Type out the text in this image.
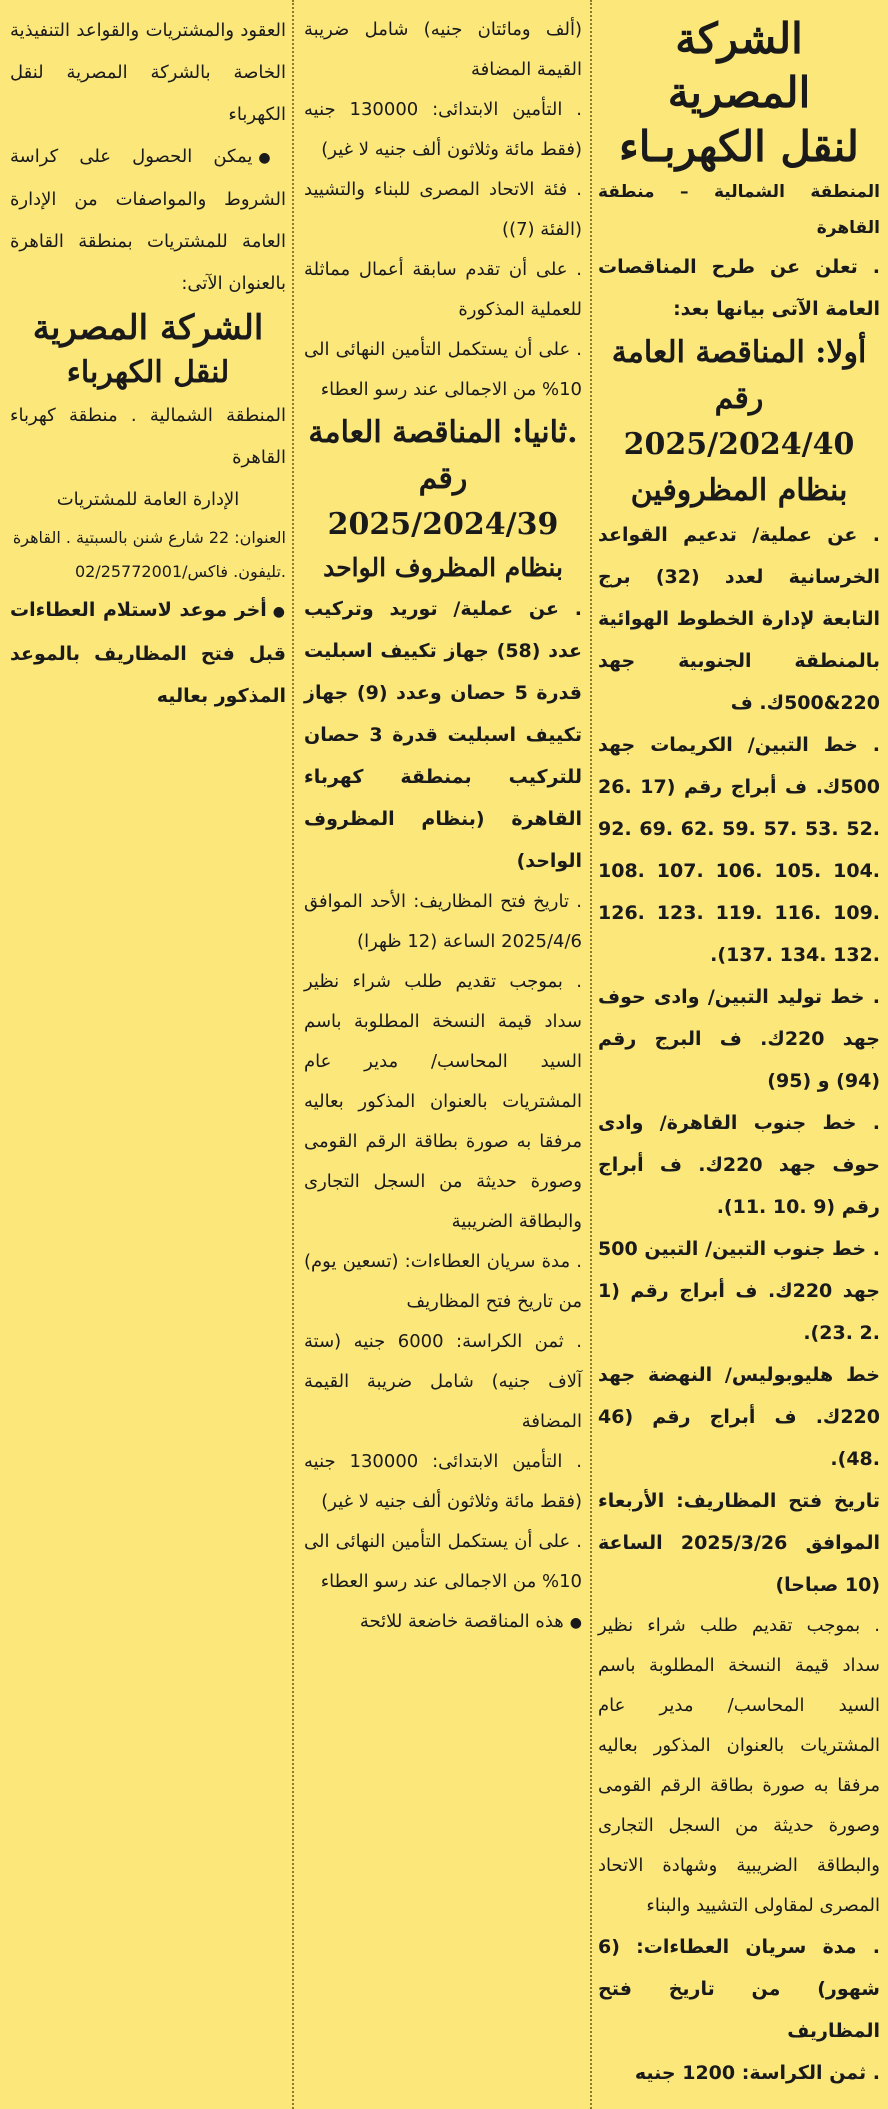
الشركة المصرية

لنقل الكهربـاء

المنطقة الشمالية – منطقة القاهرة

. تعلن عن طرح المناقصات العامة الآتى بيانها بعد:

أولا: المناقصة العامة

رقم 2025/2024/40

بنظام المظروفين

. عن عملية/ تدعيم القواعد الخرسانية لعدد (32) برج التابعة لإدارة الخطوط الهوائية بالمنطقة الجنوبية جهد 220&500ك. ف

. خط التبين/ الكريمات جهد 500ك. ف أبراج رقم (17 .26 .52 .53 .57 .59 .62 .69 .92 .104 .105 .106 .107 .108 .109 .116 .119 .123 .126 .132 .134 .137).

. خط توليد التبين/ وادى حوف جهد 220ك. ف البرج رقم (94) و (95)

. خط جنوب القاهرة/ وادى حوف جهد 220ك. ف أبراج رقم (9 .10 .11).

. خط جنوب التبين/ التبين 500 جهد 220ك. ف أبراج رقم (1 .2 .23).

خط هليوبوليس/ النهضة جهد 220ك. ف أبراج رقم (46 .48).

تاريخ فتح المظاريف: الأربعاء الموافق 2025/3/26 الساعة (10 صباحا)

. بموجب تقديم طلب شراء نظير سداد قيمة النسخة المطلوبة باسم السيد المحاسب/ مدير عام المشتريات بالعنوان المذكور بعاليه مرفقا به صورة بطاقة الرقم القومى وصورة حديثة من السجل التجارى والبطاقة الضريبية وشهادة الاتحاد المصرى لمقاولى التشييد والبناء

. مدة سريان العطاءات: (6 شهور) من تاريخ فتح المظاريف

. ثمن الكراسة: 1200 جنيه

(ألف ومائتان جنيه) شامل ضريبة القيمة المضافة

. التأمين الابتدائى: 130000 جنيه (فقط مائة وثلاثون ألف جنيه لا غير)

. فئة الاتحاد المصرى للبناء والتشييد (الفئة (7))

. على أن تقدم سابقة أعمال مماثلة للعملية المذكورة

. على أن يستكمل التأمين النهائى الى 10% من الاجمالى عند رسو العطاء

.ثانيا: المناقصة العامة

رقم 2025/2024/39

بنظام المظروف الواحد

. عن عملية/ توريد وتركيب عدد (58) جهاز تكييف اسبليت قدرة 5 حصان وعدد (9) جهاز تكييف اسبليت قدرة 3 حصان للتركيب بمنطقة كهرباء القاهرة (بنظام المظروف الواحد)

. تاريخ فتح المظاريف: الأحد الموافق 2025/4/6 الساعة (12 ظهرا)

. بموجب تقديم طلب شراء نظير سداد قيمة النسخة المطلوبة باسم السيد المحاسب/ مدير عام المشتريات بالعنوان المذكور بعاليه مرفقا به صورة بطاقة الرقم القومى وصورة حديثة من السجل التجارى والبطاقة الضريبية

. مدة سريان العطاءات: (تسعين يوم) من تاريخ فتح المظاريف

. ثمن الكراسة: 6000 جنيه (ستة آلاف جنيه) شامل ضريبة القيمة المضافة

. التأمين الابتدائى: 130000 جنيه (فقط مائة وثلاثون ألف جنيه لا غير)

. على أن يستكمل التأمين النهائى الى 10% من الاجمالى عند رسو العطاء

● هذه المناقصة خاضعة للائحة

العقود والمشتريات والقواعد التنفيذية الخاصة بالشركة المصرية لنقل الكهرباء

● يمكن الحصول على كراسة الشروط والمواصفات من الإدارة العامة للمشتريات بمنطقة القاهرة بالعنوان الآتى:

الشركة المصرية

لنقل الكهرباء

المنطقة الشمالية . منطقة كهرباء القاهرة

الإدارة العامة للمشتريات

العنوان: 22 شارع شنن بالسبتية . القاهرة

.تليفون. فاكس/02/25772001

● أخر موعد لاستلام العطاءات قبل فتح المظاريف بالموعد المذكور بعاليه
